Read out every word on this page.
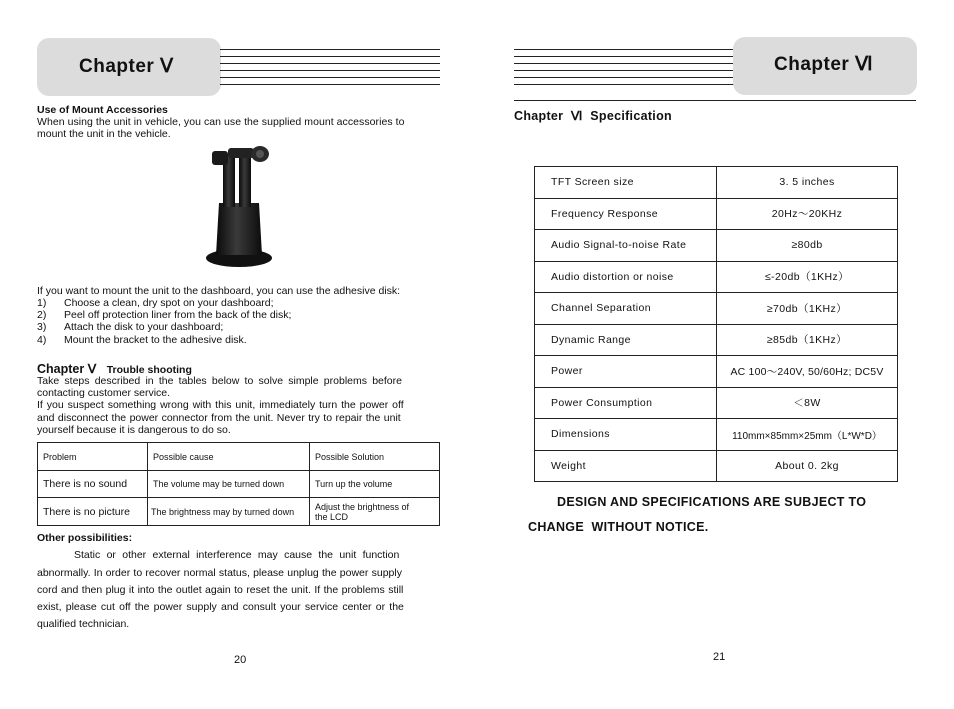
Chapter Ⅴ
Use of Mount Accessories
When using the unit in vehicle, you can use the supplied mount accessories to
mount the unit in the vehicle.
If you want to mount the unit to the dashboard, you can use the adhesive disk:
1) Choose a clean, dry spot on your dashboard;
2) Peel off protection liner from the back of the disk;
3) Attach the disk to your dashboard;
4) Mount the bracket to the adhesive disk.
Chapter Ⅴ Trouble shooting
Take steps described in the tables below to solve simple problems before
contacting customer service.
If you suspect something wrong with this unit, immediately turn the power off
and disconnect the power connector from the unit. Never try to repair the unit
yourself because it is dangerous to do so.
Problem	Possible cause	Possible Solution
There is no sound	The volume may be turned down	Turn up the volume
There is no picture	The brightness may by turned down	Adjust the brightness of the LCD
Other possibilities:
Static or other external interference may cause the unit function
abnormally. In order to recover normal status, please unplug the power supply
cord and then plug it into the outlet again to reset the unit. If the problems still
exist, please cut off the power supply and consult your service center or the
qualified technician.
20
Chapter Ⅵ
Chapter  Ⅵ  Specification
TFT Screen size	3. 5 inches
Frequency Response	20Hz～20KHz
Audio Signal-to-noise Rate	≥80db
Audio distortion or noise	≤-20db（1KHz）
Channel Separation	≥70db（1KHz）
Dynamic Range	≥85db（1KHz）
Power	AC 100～240V, 50/60Hz; DC5V
Power Consumption	＜8W
Dimensions	110mm×85mm×25mm（L*W*D）
Weight	About 0. 2kg
DESIGN AND SPECIFICATIONS ARE SUBJECT TO
CHANGE  WITHOUT NOTICE.
21
